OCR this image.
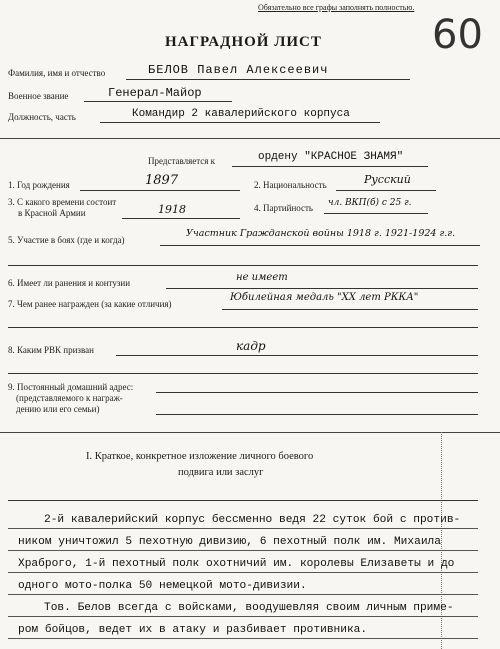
Обязательно все графы заполнять полностью.
60
НАГРАДНОЙ ЛИСТ
Фамилия, имя и отчество	БЕЛОВ Павел Алексеевич
Военное звание	Генерал-Майор
Должность, часть	Командир 2 кавалерийского корпуса
Представляется к	ордену "КРАСНОЕ ЗНАМЯ"
1. Год рождения	1897	2. Национальность	Русский
3. С какого времени состоит
в Красной Армии	1918	4. Партийность чл. ВКП(б) с 25 г.
5. Участие в боях (где и когда)
Участник Гражданской войны 1918 г. 1921-1924 г.г.
6. Имеет ли ранения и контузии	не имеет
7. Чем ранее награжден (за какие отличия)
Юбилейная медаль "XX лет РККА"
8. Каким РВК призван	кадр
9. Постоянный домашний адрес:
(представляемого к награж-
дению или его семьи)
I. Краткое, конкретное изложение личного боевого
подвига или заслуг
2-й кавалерийский корпус бессменно ведя 22 суток бой с против-
ником уничтожил 5 пехотную дивизию, 6 пехотный полк им. Михаила
Храброго, 1-й пехотный полк охотничий им. королевы Елизаветы и до
одного мото-полка 50 немецкой мото-дивизии.
Тов. Белов всегда с войсками, воодушевляя своим личным приме-
ром бойцов, ведет их в атаку и разбивает противника.
